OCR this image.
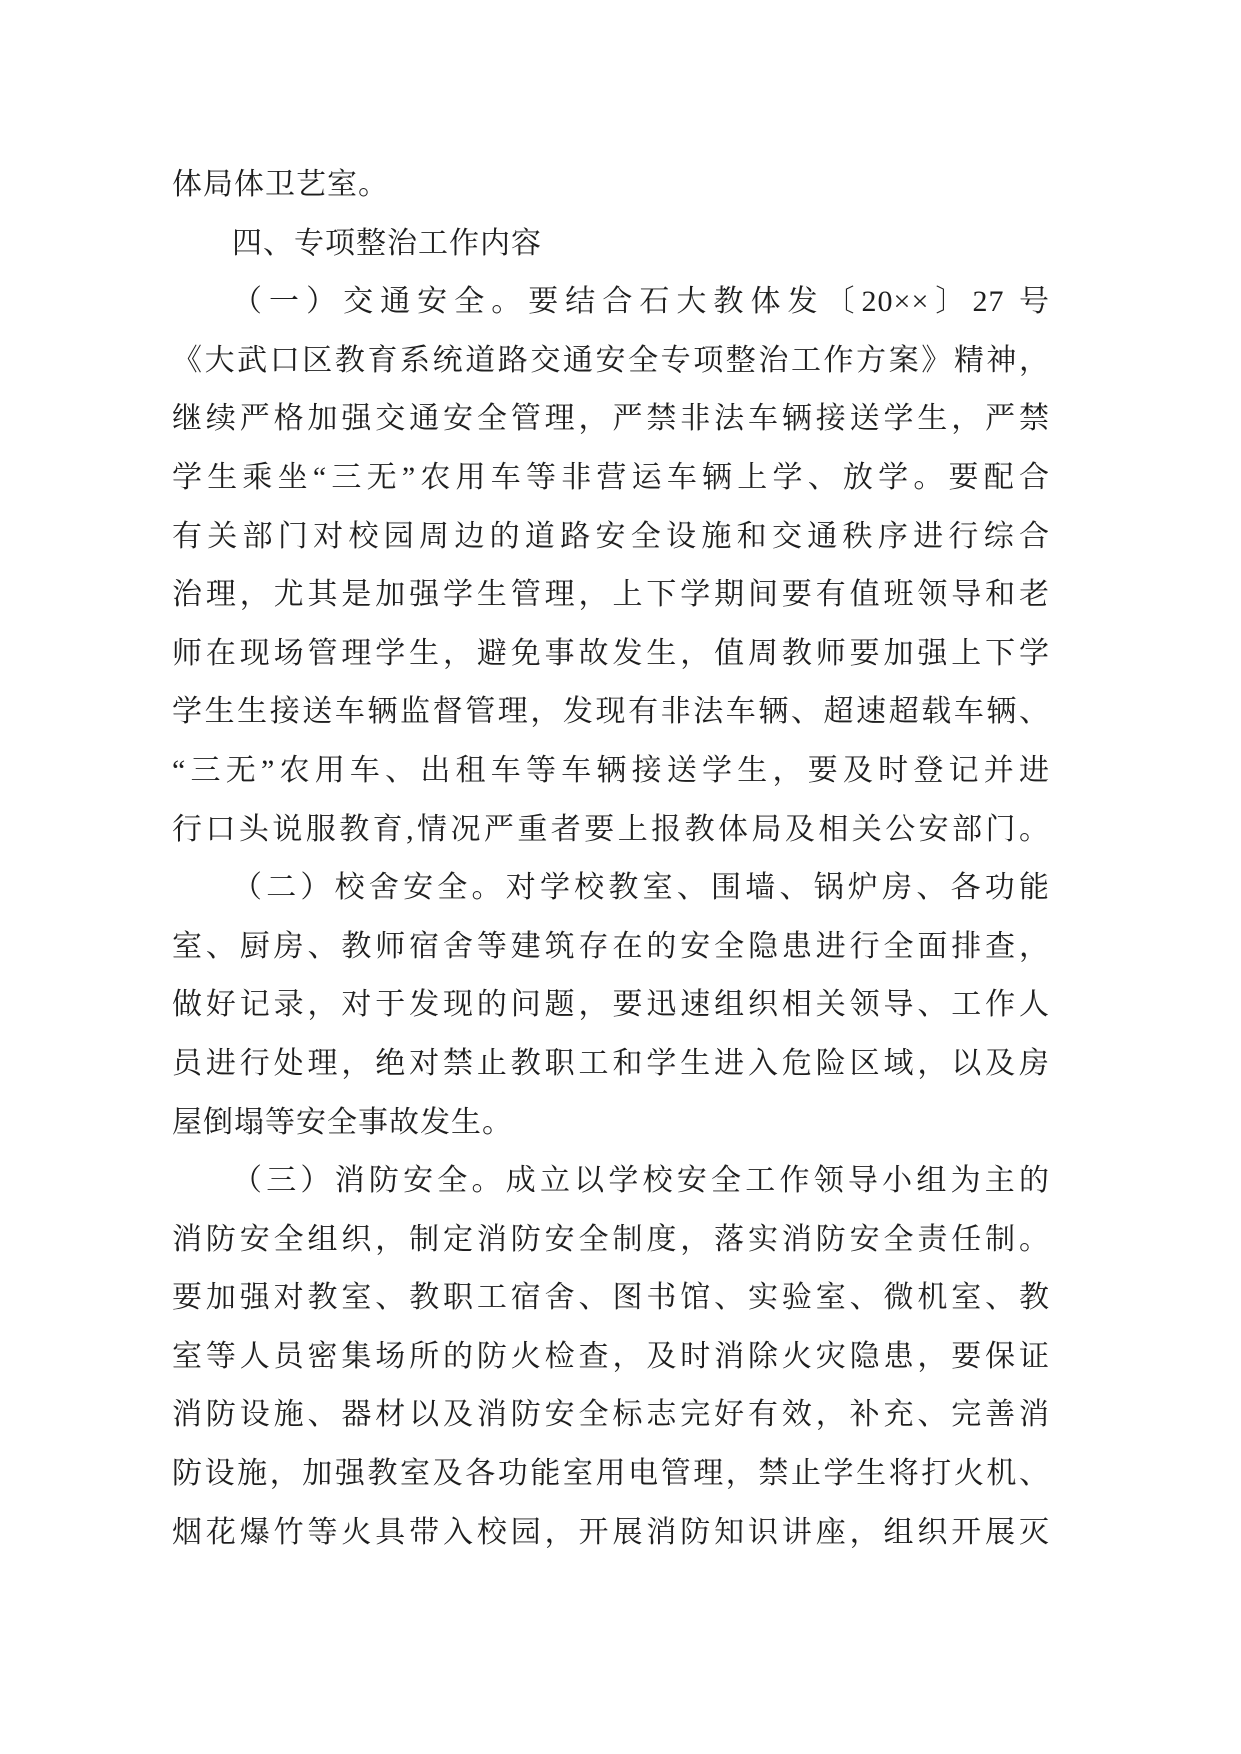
体局体卫艺室。
四、专项整治工作内容
（一）交通安全。要结合石大教体发〔20××〕27 号
《大武口区教育系统道路交通安全专项整治工作方案》精神，
继续严格加强交通安全管理，严禁非法车辆接送学生，严禁
学生乘坐“三无”农用车等非营运车辆上学、放学。要配合
有关部门对校园周边的道路安全设施和交通秩序进行综合
治理，尤其是加强学生管理，上下学期间要有值班领导和老
师在现场管理学生，避免事故发生，值周教师要加强上下学
学生生接送车辆监督管理，发现有非法车辆、超速超载车辆、
“三无”农用车、出租车等车辆接送学生，要及时登记并进
行口头说服教育,情况严重者要上报教体局及相关公安部门。
（二）校舍安全。对学校教室、围墙、锅炉房、各功能
室、厨房、教师宿舍等建筑存在的安全隐患进行全面排查，
做好记录，对于发现的问题，要迅速组织相关领导、工作人
员进行处理，绝对禁止教职工和学生进入危险区域，以及房
屋倒塌等安全事故发生。
（三）消防安全。成立以学校安全工作领导小组为主的
消防安全组织，制定消防安全制度，落实消防安全责任制。
要加强对教室、教职工宿舍、图书馆、实验室、微机室、教
室等人员密集场所的防火检查，及时消除火灾隐患，要保证
消防设施、器材以及消防安全标志完好有效，补充、完善消
防设施，加强教室及各功能室用电管理，禁止学生将打火机、
烟花爆竹等火具带入校园，开展消防知识讲座，组织开展灭
